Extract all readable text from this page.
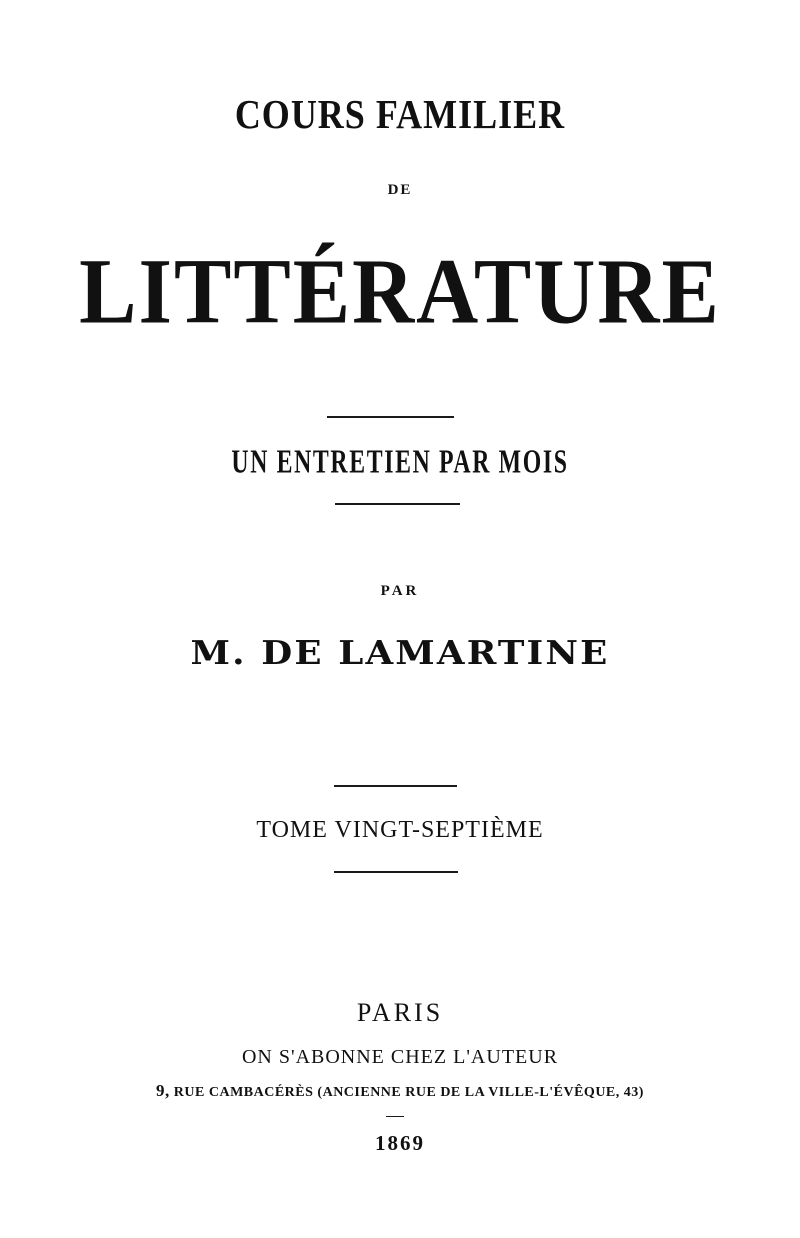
COURS FAMILIER
DE
LITTÉRATURE
UN ENTRETIEN PAR MOIS
PAR
M. DE LAMARTINE
TOME VINGT-SEPTIÈME
PARIS
ON S'ABONNE CHEZ L'AUTEUR
9, RUE CAMBACÉRÈS (ANCIENNE RUE DE LA VILLE-L'ÉVÊQUE, 43)
1869
